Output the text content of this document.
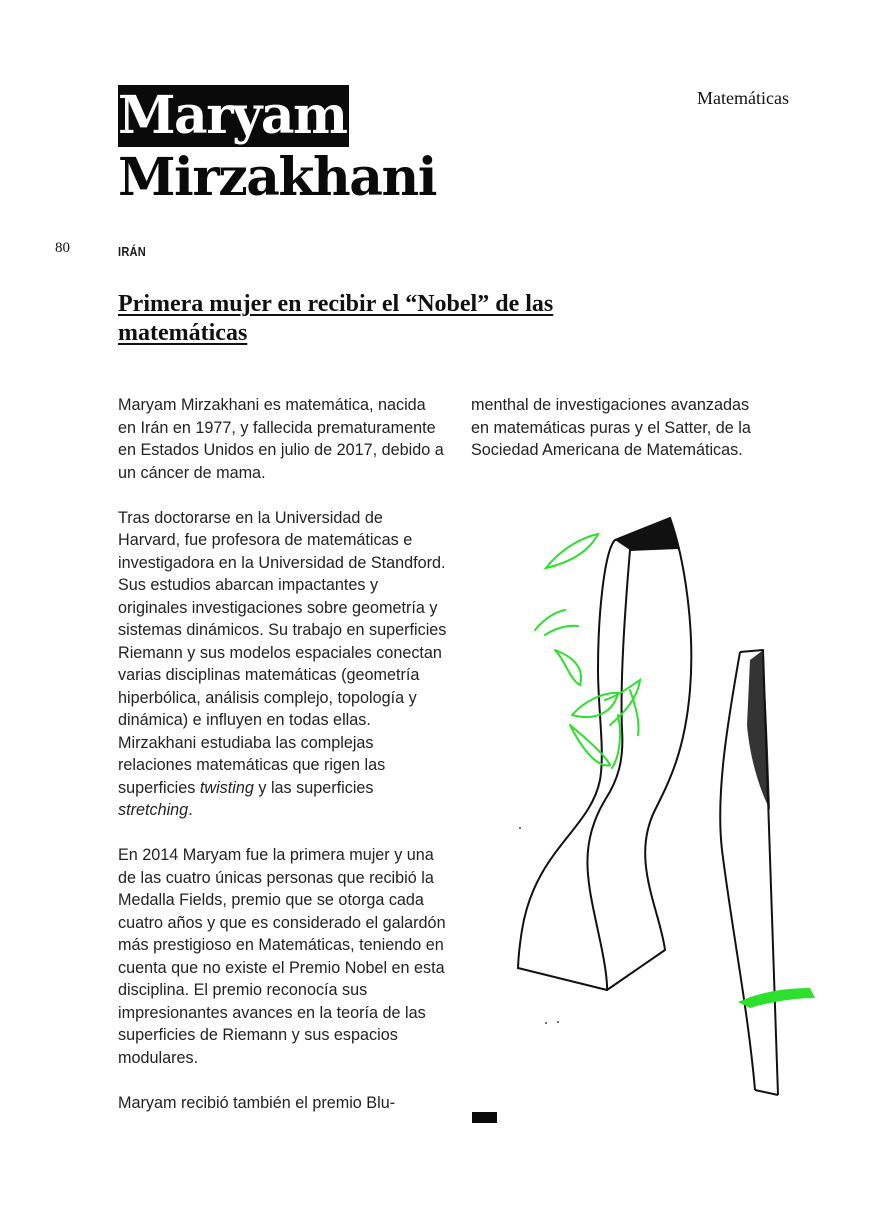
Matemáticas
Maryam
Mirzakhani
80	IRÁN
Primera mujer en recibir el “Nobel” de las matemáticas

Maryam Mirzakhani es matemática, nacida en Irán en 1977, y fallecida prematuramente en Estados Unidos en julio de 2017, debido a un cáncer de mama.

Tras doctorarse en la Universidad de Harvard, fue profesora de matemáticas e investigadora en la Universidad de Standford. Sus estudios abarcan impactantes y originales investigaciones sobre geometría y sistemas dinámicos. Su trabajo en superficies Riemann y sus modelos espaciales conectan varias disciplinas matemáticas (geometría hiperbólica, análisis complejo, topología y dinámica) e influyen en todas ellas. Mirzakhani estudiaba las complejas relaciones matemáticas que rigen las superficies twisting y las superficies stretching.

En 2014 Maryam fue la primera mujer y una de las cuatro únicas personas que recibió la Medalla Fields, premio que se otorga cada cuatro años y que es considerado el galardón más prestigioso en Matemáticas, teniendo en cuenta que no existe el Premio Nobel en esta disciplina. El premio reconocía sus impresionantes avances en la teoría de las superficies de Riemann y sus espacios modulares.

Maryam recibió también el premio Blu-

menthal de investigaciones avanzadas en matemáticas puras y el Satter, de la Sociedad Americana de Matemáticas.
